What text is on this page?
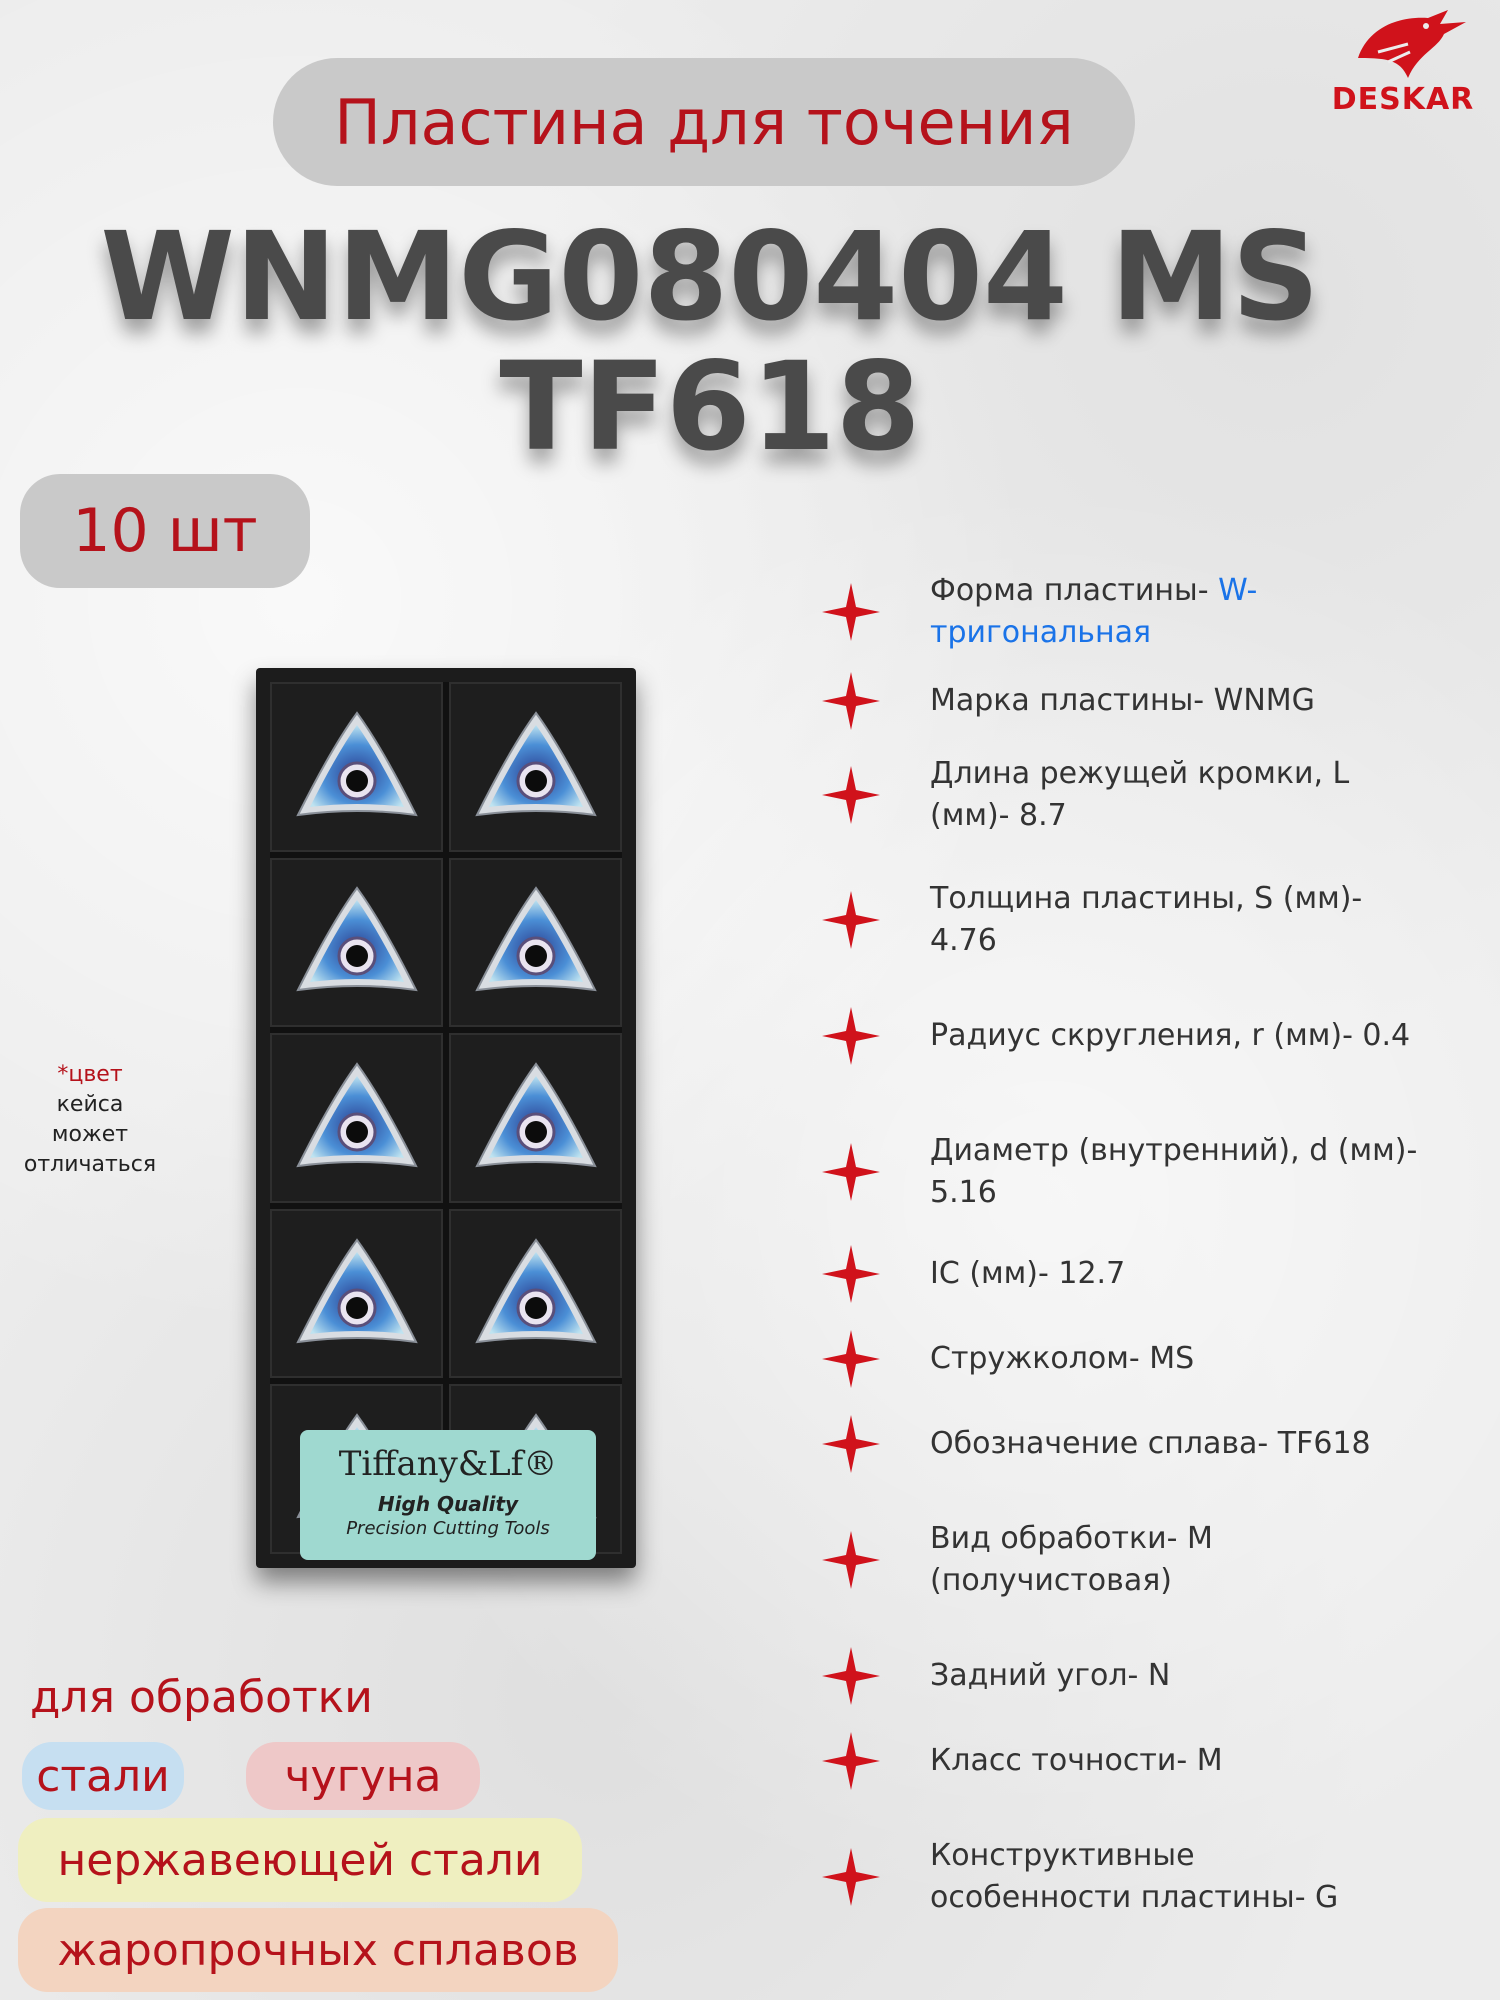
Пластина для точения	DESKAR
WNMG080404 MS
TF618
10 шт
Tiffany&Lf®
High Quality
Precision Cutting Tools
*цвет
кейса
может
отличаться
Форма пластины- W-тригональная
Марка пластины- WNMG
Длина режущей кромки, L (мм)- 8.7
Толщина пластины, S (мм)- 4.76
Радиус скругления, r (мм)- 0.4
Диаметр (внутренний), d (мм)- 5.16
IC (мм)- 12.7
Стружколом- MS
Обозначение сплава- TF618
Вид обработки- M (получистовая)
Задний угол- N
Класс точности- M
Конструктивные особенности пластины- G
для обработки
стали	чугуна
нержавеющей стали
жаропрочных сплавов
